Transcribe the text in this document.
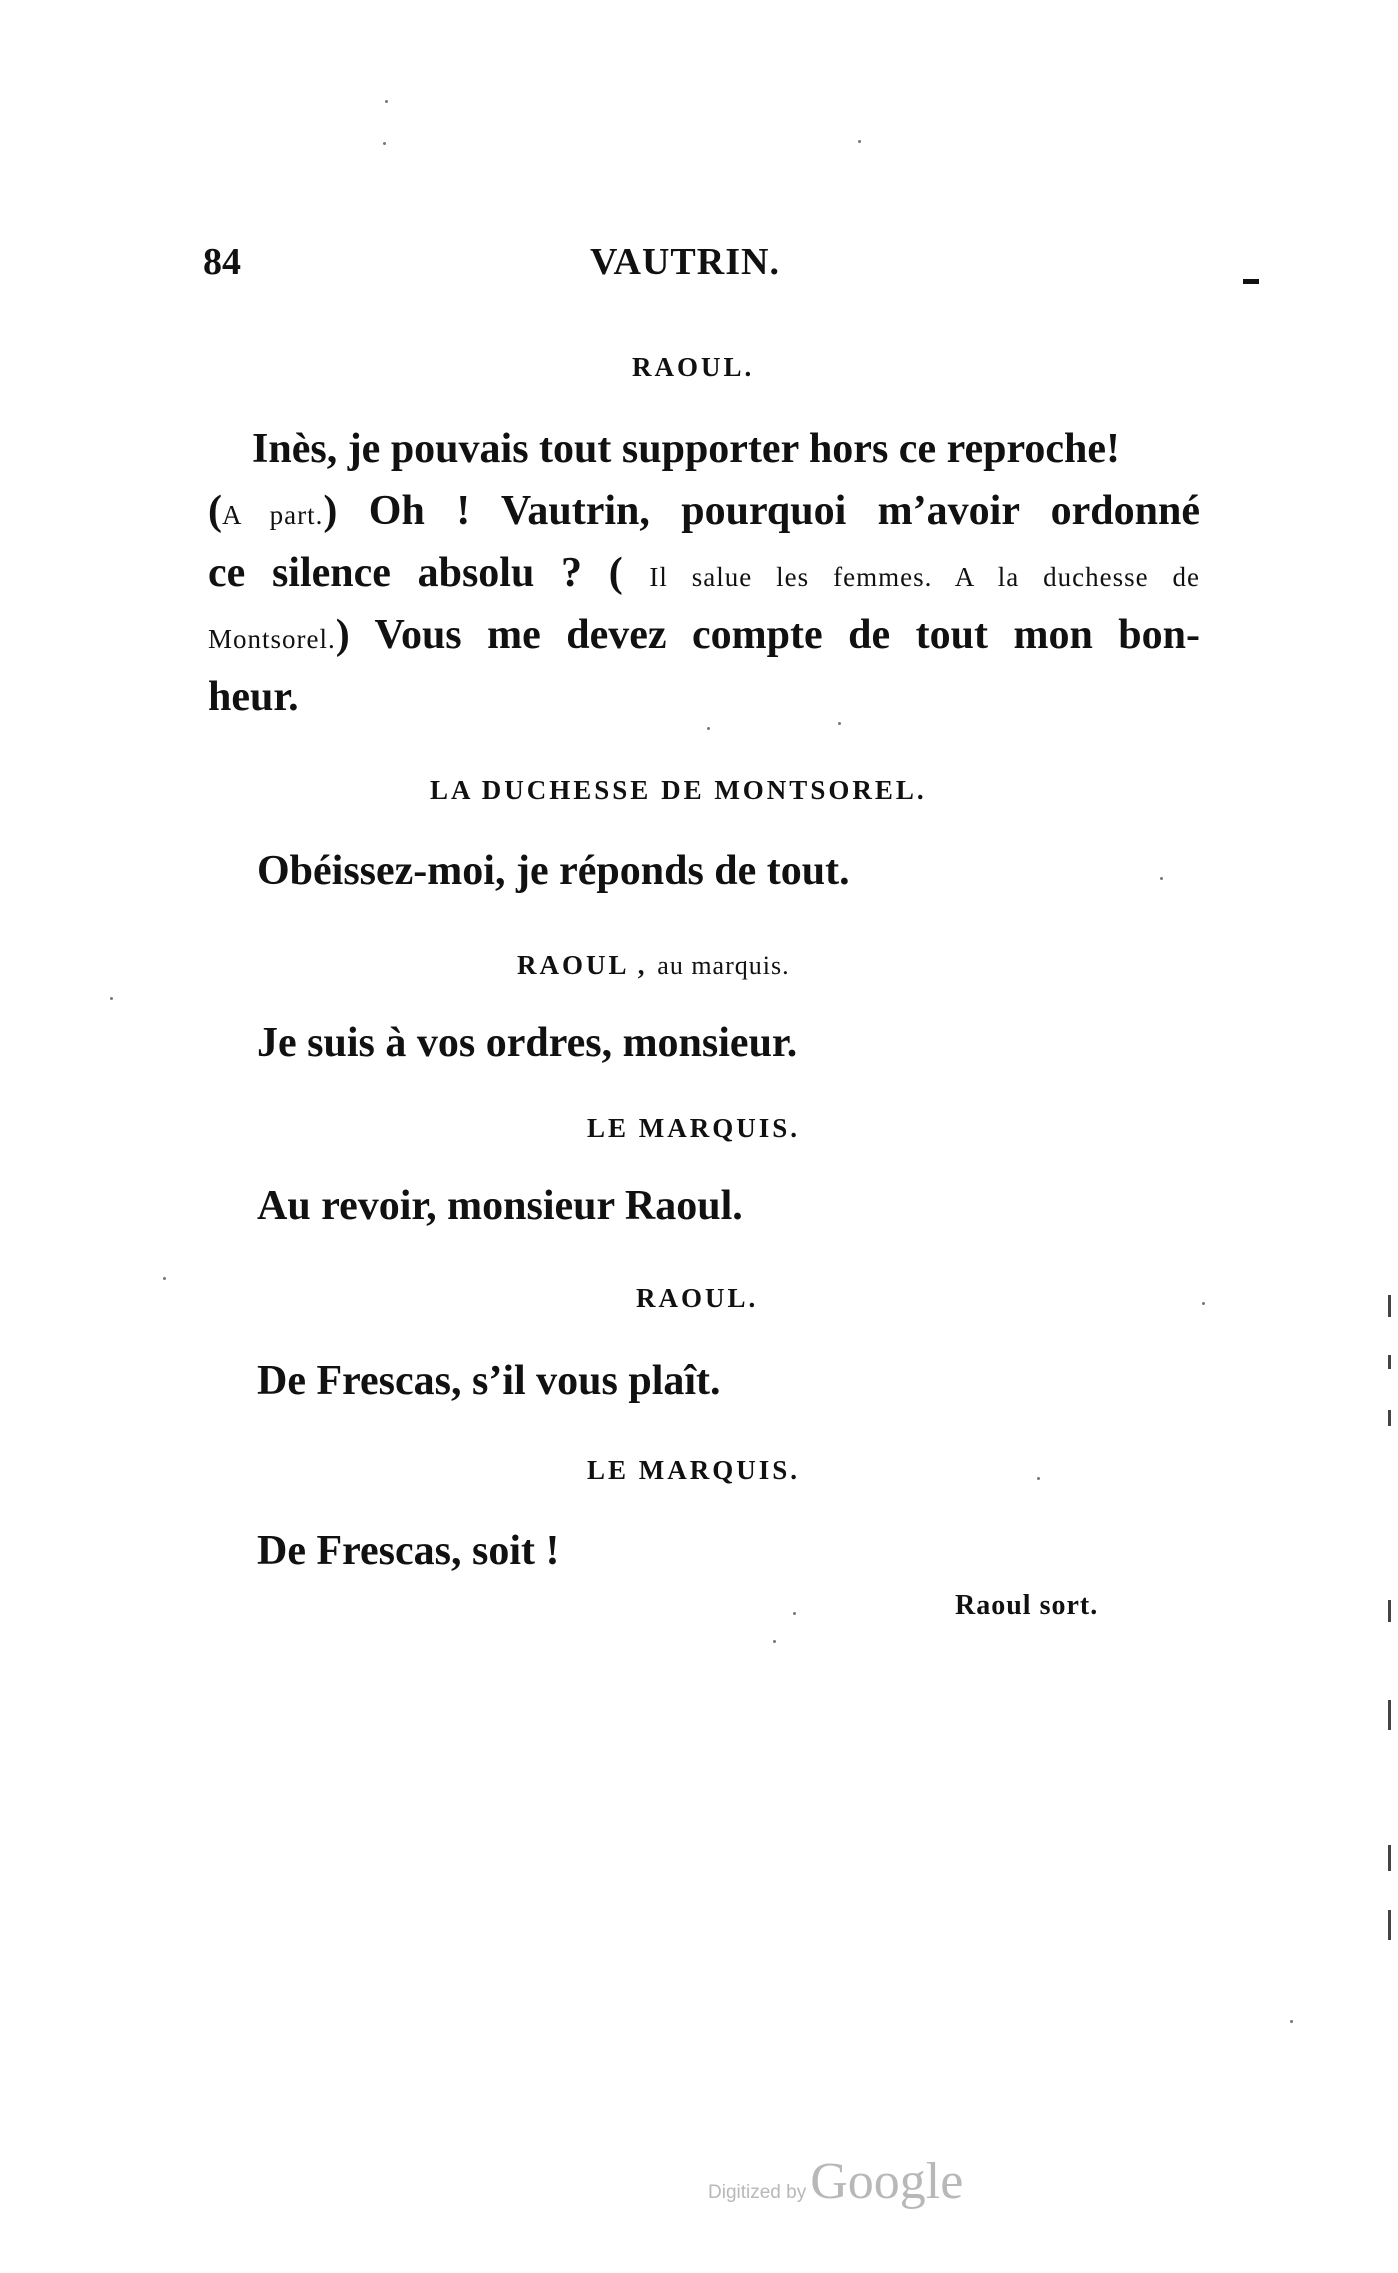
84	VAUTRIN.
RAOUL.
Inès, je pouvais tout supporter hors ce reproche!
(A part.) Oh ! Vautrin, pourquoi m’avoir ordonné
ce silence absolu ? ( Il salue les femmes. A la duchesse de
Montsorel.) Vous me devez compte de tout mon bon-
heur.
LA DUCHESSE DE MONTSOREL.
Obéissez-moi, je réponds de tout.
RAOUL , au marquis.
Je suis à vos ordres, monsieur.
LE MARQUIS.
Au revoir, monsieur Raoul.
RAOUL.
De Frescas, s’il vous plaît.
LE MARQUIS.
De Frescas, soit !
Raoul sort.
Digitized by Google
